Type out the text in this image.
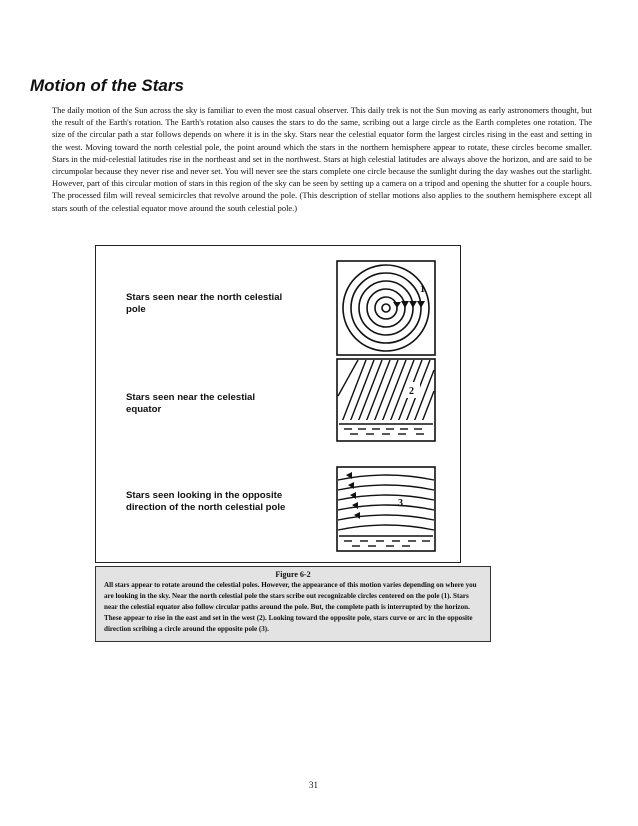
Motion of the Stars

The daily motion of the Sun across the sky is familiar to even the most casual observer. This daily trek is not the Sun moving as early astronomers thought, but the result of the Earth's rotation. The Earth's rotation also causes the stars to do the same, scribing out a large circle as the Earth completes one rotation. The size of the circular path a star follows depends on where it is in the sky. Stars near the celestial equator form the largest circles rising in the east and setting in the west. Moving toward the north celestial pole, the point around which the stars in the northern hemisphere appear to rotate, these circles become smaller. Stars in the mid-celestial latitudes rise in the northeast and set in the northwest. Stars at high celestial latitudes are always above the horizon, and are said to be circumpolar because they never rise and never set. You will never see the stars complete one circle because the sunlight during the day washes out the starlight. However, part of this circular motion of stars in this region of the sky can be seen by setting up a camera on a tripod and opening the shutter for a couple hours. The processed film will reveal semicircles that revolve around the pole. (This description of stellar motions also applies to the southern hemisphere except all stars south of the celestial equator move around the south celestial pole.)

Stars seen near the north celestial pole

Stars seen near the celestial equator

Stars seen looking in the opposite direction of the north celestial pole

1
2
3

Figure 6-2

All stars appear to rotate around the celestial poles. However, the appearance of this motion varies depending on where you are looking in the sky. Near the north celestial pole the stars scribe out recognizable circles centered on the pole (1). Stars near the celestial equator also follow circular paths around the pole. But, the complete path is interrupted by the horizon. These appear to rise in the east and set in the west (2). Looking toward the opposite pole, stars curve or arc in the opposite direction scribing a circle around the opposite pole (3).

31
